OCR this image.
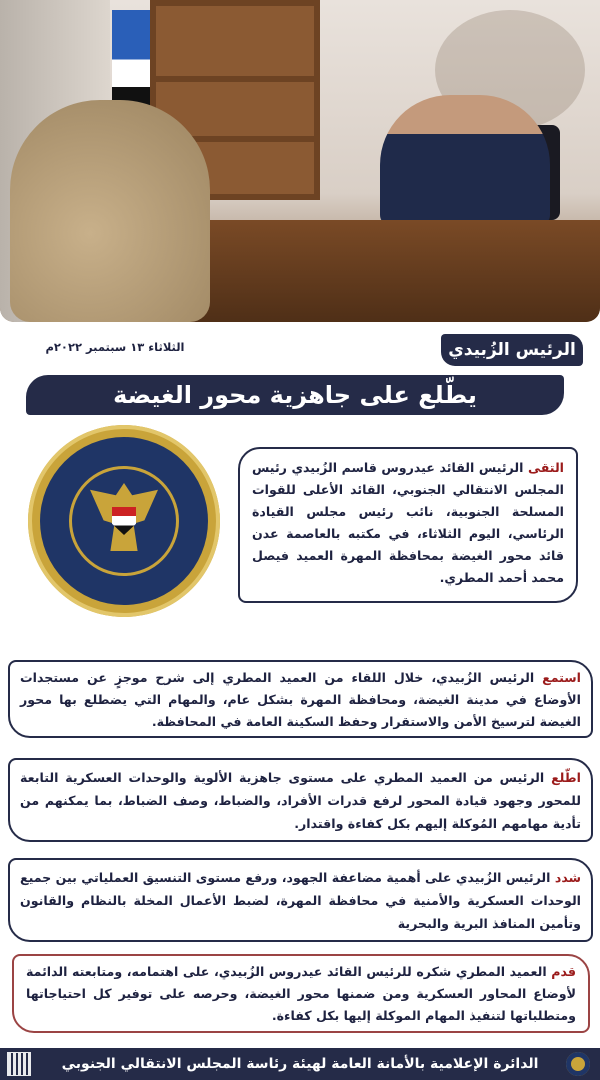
الرئيس الزُبيدي
الثلاثاء ١٣ سبتمبر ٢٠٢٢م
يطّلع على جاهزية محور الغيضة
التقى الرئيس القائد عيدروس قاسم الزُبيدي رئيس المجلس الانتقالي الجنوبي، القائد الأعلى للقوات المسلحة الجنوبية، نائب رئيس مجلس القيادة الرئاسي، اليوم الثلاثاء، في مكتبه بالعاصمة عدن قائد محور الغيضة بمحافظة المهرة العميد فيصل محمد أحمد المطري.
استمع الرئيس الزُبيدي، خلال اللقاء من العميد المطري إلى شرح موجزٍ عن مستجدات الأوضاع في مدينة الغيضة، ومحافظة المهرة بشكل عام، والمهام التي يضطلع بها محور الغيضة لترسيخ الأمن والاستقرار وحفظ السكينة العامة في المحافظة.
اطّلع الرئيس من العميد المطري على مستوى جاهزية الألوية والوحدات العسكرية التابعة للمحور وجهود قيادة المحور لرفع قدرات الأفراد، والضباط، وصف الضباط، بما يمكنهم من تأدية مهامهم المُوكلة إليهم بكل كفاءة واقتدار.
شدد الرئيس الزُبيدي على أهمية مضاعفة الجهود، ورفع مستوى التنسيق العملياتي بين جميع الوحدات العسكرية والأمنية في محافظة المهرة، لضبط الأعمال المخلة بالنظام والقانون وتأمين المنافذ البرية والبحرية
قدم العميد المطري شكره للرئيس القائد عيدروس الزُبيدي، على اهتمامه، ومتابعته الدائمة لأوضاع المحاور العسكرية ومن ضمنها محور الغيضة، وحرصه على توفير كل احتياجاتها ومتطلباتها لتنفيذ المهام الموكلة إليها بكل كفاءة.
الدائرة الإعلامية بالأمانة العامة لهيئة رئاسة المجلس الانتقالي الجنوبي
